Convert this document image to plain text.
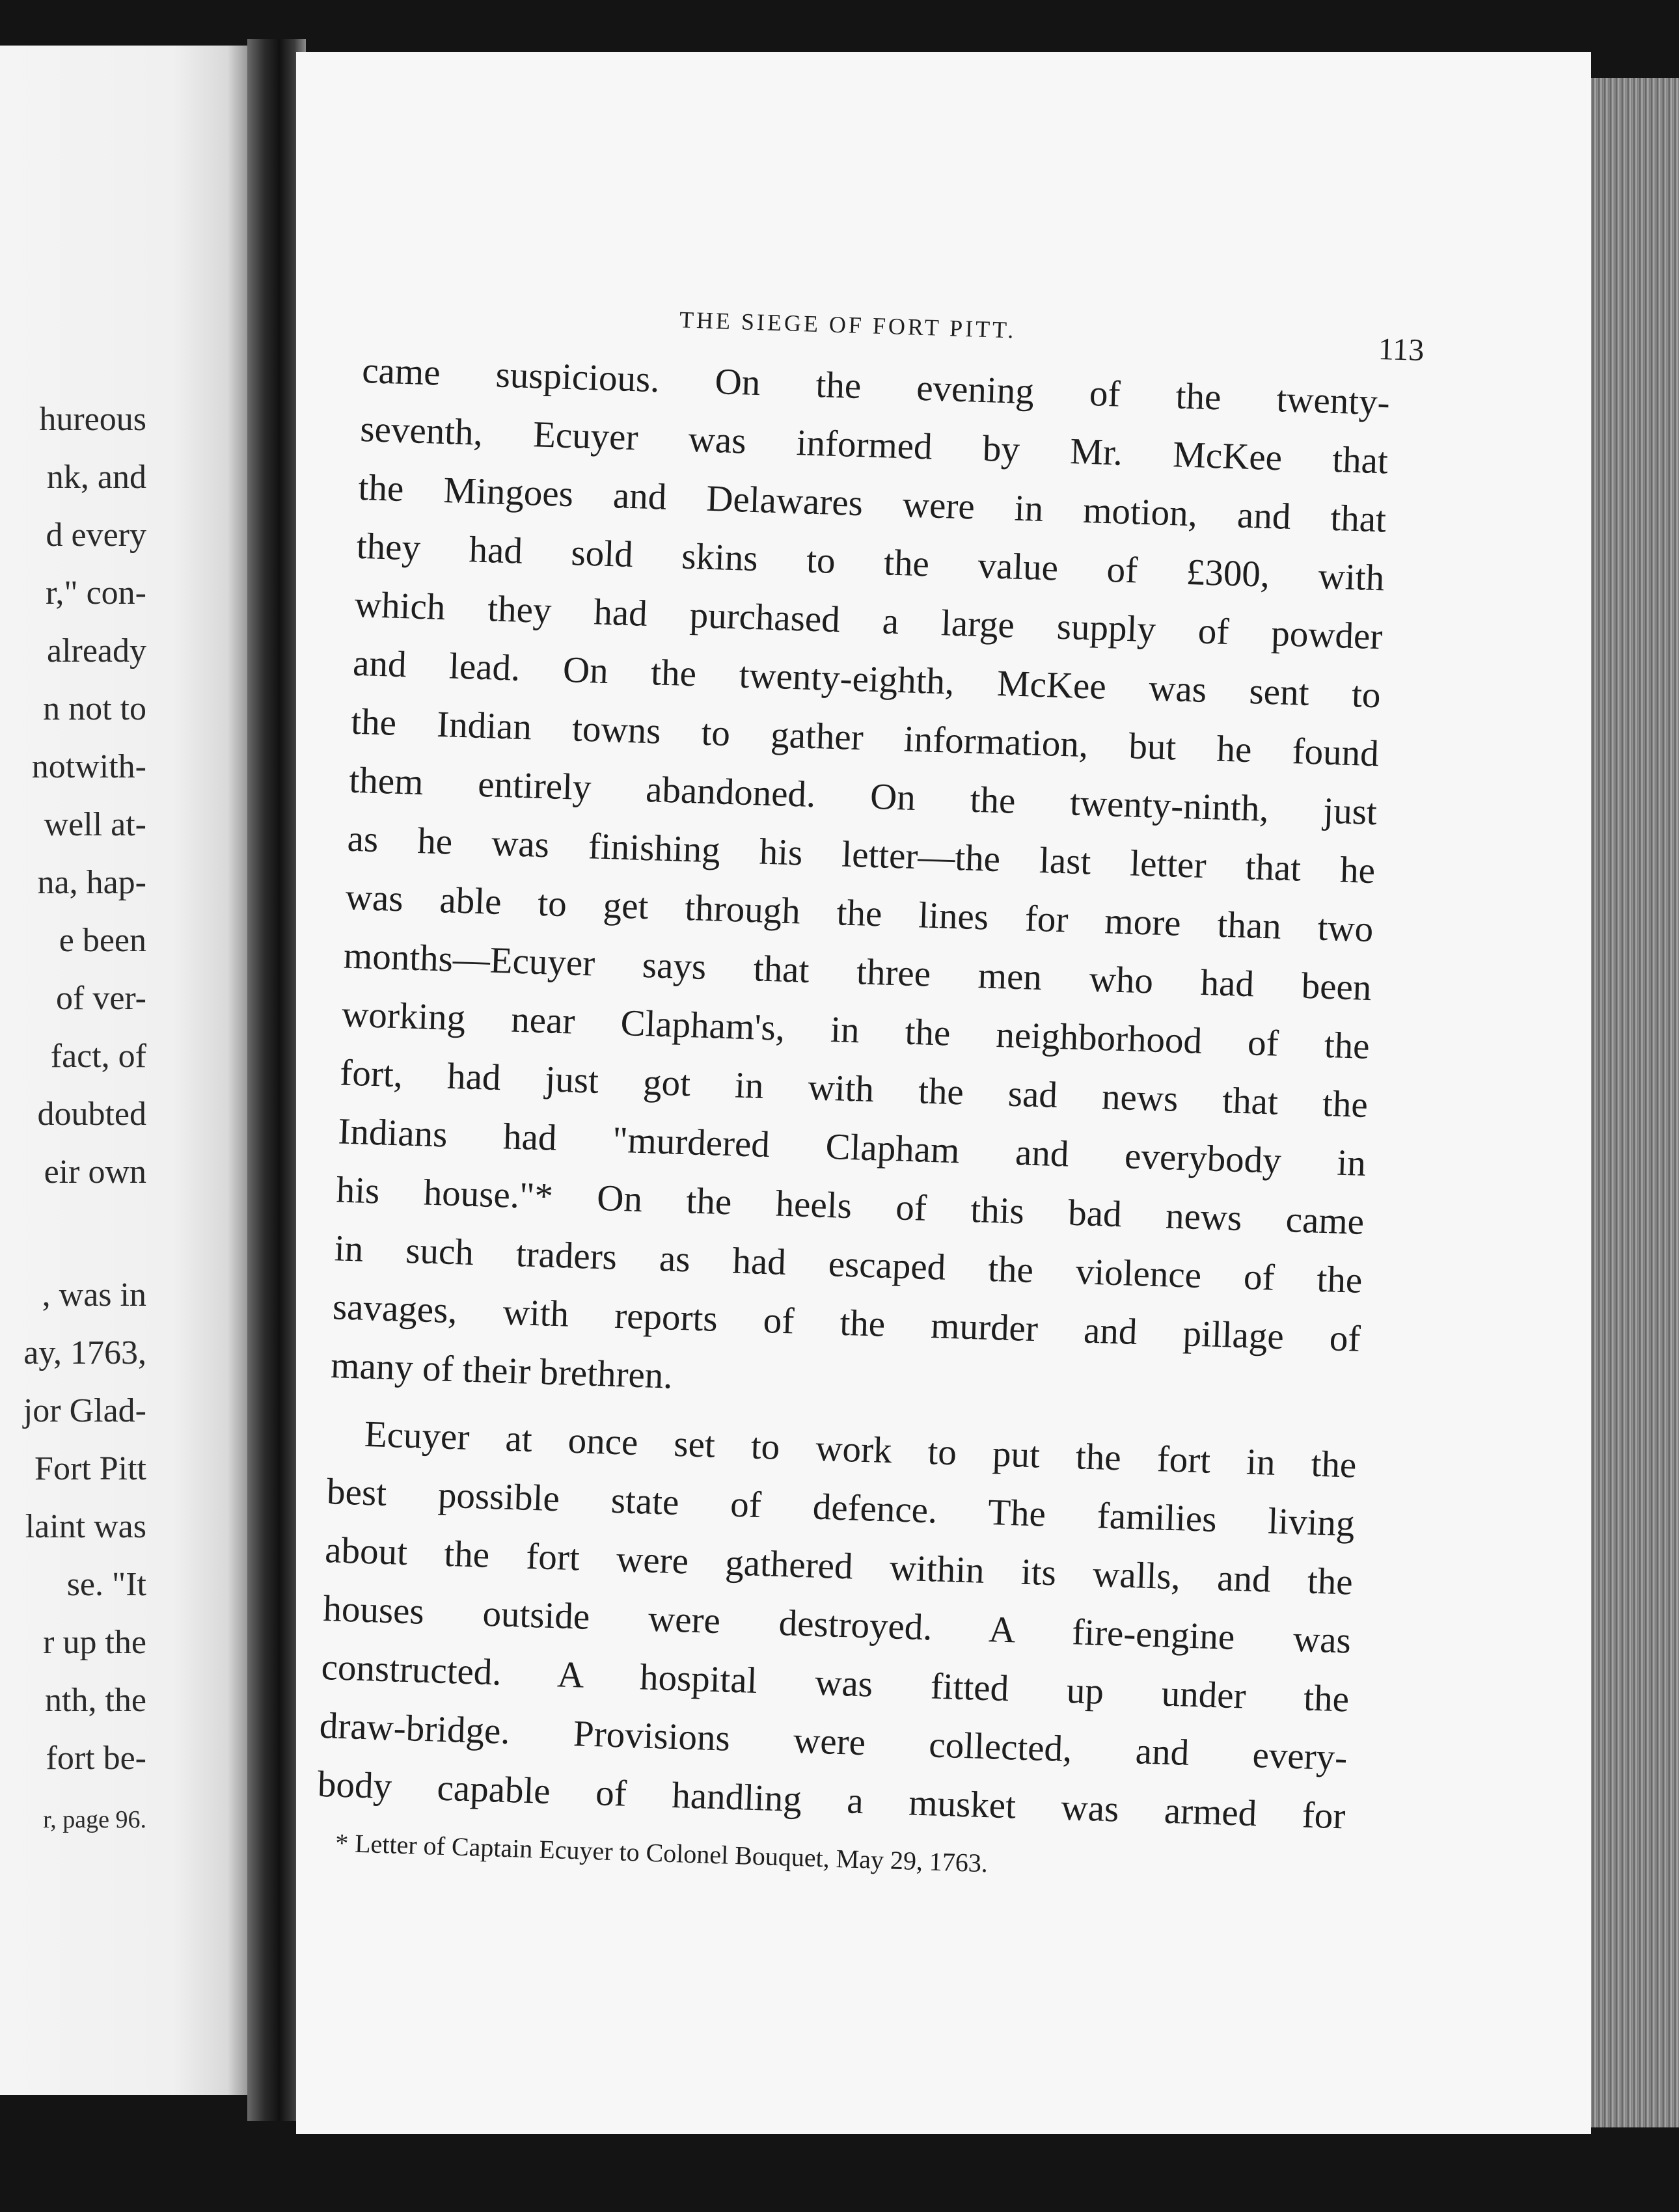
hureous
nk, and
d every
r," con-
already
n not to
notwith-
well at-
na, hap-
e been
of ver-
fact, of
doubted
eir own
, was in
ay, 1763,
jor Glad-
Fort Pitt
laint was
se. "It
r up the
nth, the
fort be-
r, page 96.
THE SIEGE OF FORT PITT.
113
came suspicious. On the evening of the twenty-
seventh, Ecuyer was informed by Mr. McKee that
the Mingoes and Delawares were in motion, and that
they had sold skins to the value of £300, with
which they had purchased a large supply of powder
and lead. On the twenty-eighth, McKee was sent to
the Indian towns to gather information, but he found
them entirely abandoned. On the twenty-ninth, just
as he was finishing his letter—the last letter that he
was able to get through the lines for more than two
months—Ecuyer says that three men who had been
working near Clapham's, in the neighborhood of the
fort, had just got in with the sad news that the
Indians had "murdered Clapham and everybody in
his house."* On the heels of this bad news came
in such traders as had escaped the violence of the
savages, with reports of the murder and pillage of
many of their brethren.
Ecuyer at once set to work to put the fort in the
best possible state of defence. The families living
about the fort were gathered within its walls, and the
houses outside were destroyed. A fire-engine was
constructed. A hospital was fitted up under the
draw-bridge. Provisions were collected, and every-
body capable of handling a musket was armed for
* Letter of Captain Ecuyer to Colonel Bouquet, May 29, 1763.
